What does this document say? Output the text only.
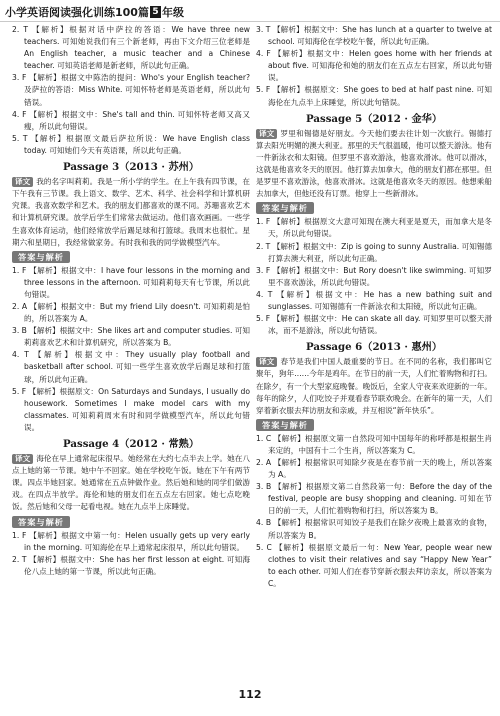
小学英语阅读强化训练100篇 5 年级

2. T 【解析】根据对话中萨拉的答语：We have three new teachers. 可知她说我们有三个新老师，再由下文介绍三位老师是 An English teacher, a music teacher and a Chinese teacher. 可知英语老师是新老师，所以此句正确。

3. F 【解析】根据文中陈浩的提问：Who's your English teacher? 及萨拉的答语：Miss White. 可知怀特老师是英语老师，所以此句错误。

4. F 【解析】根据文中：She's tall and thin. 可知怀特老师又高又瘦，所以此句错误。

5. T 【解析】根据原文最后萨拉所说：We have English class today. 可知她们今天有英语课，所以此句正确。

Passage 3（2013 · 苏州）

译文 我的名字叫莉莉。我是一所小学的学生。在上午我有四节课，在下午我有三节课。我上语文、数学、艺术、科学、社会科学和计算机研究课。我喜欢数学和艺术。我的朋友们都喜欢的课不同。苏珊喜欢艺术和计算机研究课。放学后学生们常常去做运动。他们喜欢画画。一些学生喜欢体育运动，他们经常放学后踢足球和打篮球。我周末也很忙。星期六和星期日，我经常做家务。有时我和我的同学做模型汽车。

答案与解析

1. F 【解析】根据文中：I have four lessons in the morning and three lessons in the afternoon. 可知莉莉每天有七节课，所以此句错误。

2. A 【解析】根据文中：But my friend Lily doesn't. 可知莉莉是怕的，所以答案为 A。

3. B 【解析】根据文中：She likes art and computer studies. 可知莉莉喜欢艺术和计算机研究，所以答案为 B。

4. T 【解析】根据文中：They usually play football and basketball after school. 可知一些学生喜欢放学后踢足球和打篮球，所以此句正确。

5. F 【解析】根据原文：On Saturdays and Sundays, I usually do housework. Sometimes I make model cars with my classmates. 可知莉莉周末有时和同学做模型汽车，所以此句错误。

Passage 4（2012 · 常熟）

译文 海伦在早上通常起床很早。她经常在大约七点半去上学。她在八点上她的第一节课。她中午不回家。她在学校吃午饭。她在下午有两节课。四点半她回家。她通常在五点钟做作业。然后她和她的同学们做游戏。在四点半放学。海伦和她的朋友们在五点左右回家。她七点吃晚饭。然后她和父母一起看电视。她在九点半上床睡觉。

答案与解析

1. F 【解析】根据文中第一句：Helen usually gets up very early in the morning. 可知海伦在早上通常起床很早，所以此句错误。

2. T 【解析】根据文中：She has her first lesson at eight. 可知海伦八点上她的第一节课，所以此句正确。

3. T 【解析】根据文中：She has lunch at a quarter to twelve at school. 可知海伦在学校吃午餐，所以此句正确。

4. F 【解析】根据文中：Helen goes home with her friends at about five. 可知海伦和她的朋友们在五点左右回家，所以此句错误。

5. F 【解析】根据原文：She goes to bed at half past nine. 可知海伦在九点半上床睡觉，所以此句错误。

Passage 5（2012 · 金华）

译文 罗里和锡德是好朋友。今天他们要去往计划一次旅行。锡德打算去阳光明媚的澳大利亚。那里的天气很温暖，他可以整天游泳。他有一件新泳衣和太阳镜。但罗里不喜欢游泳，他喜欢滑冰。他可以滑冰，这就是他喜欢冬天的原因。他打算去加拿大，他的朋友们都在那里。但是罗里不喜欢游泳，他喜欢滑冰。这就是他喜欢冬天的原因。他想乘船去加拿大，但他还没有订票。他穿上一些新滑冰。

答案与解析

1. F 【解析】根据原文大意可知现在澳大利亚是夏天，而加拿大是冬天，所以此句错误。

2. T 【解析】根据文中：Zip is going to sunny Australia. 可知锡德打算去澳大利亚，所以此句正确。

3. F 【解析】根据文中：But Rory doesn't like swimming. 可知罗里不喜欢游泳，所以此句错误。

4. T 【解析】根据文中：He has a new bathing suit and sunglasses. 可知锡德有一件新泳衣和太阳镜，所以此句正确。

5. F 【解析】根据文中：He can skate all day. 可知罗里可以整天滑冰，而不是游泳，所以此句错误。

Passage 6（2013 · 惠州）

译文 春节是我们中国人最重要的节日。在不同的名称，我们都叫它聚年，狗年……今年是鸡年。在节日的前一天，人们忙着购物和打扫。在除夕，有一个大型家庭晚餐。晚饭后，全家人守夜来欢迎新的一年。每年的除夕，人们吃饺子并观看春节联欢晚会。在新年的第一天，人们穿着新衣服去拜访朋友和亲戚，并互相说“新年快乐”。

答案与解析

1. C 【解析】根据原文第一自然段可知中国每年的称呼都是根据生肖来定的，中国有十二个生肖，所以答案为 C。

2. A 【解析】根据常识可知除夕夜是在春节前一天的晚上，所以答案为 A。

3. B 【解析】根据原文第二自然段第一句：Before the day of the festival, people are busy shopping and cleaning. 可知在节日的前一天，人们忙着购物和打扫，所以答案为 B。

4. B 【解析】根据常识可知饺子是我们在除夕夜晚上最喜欢的食物，所以答案为 B。

5. C 【解析】根据原文最后一句：New Year, people wear new clothes to visit their relatives and say “Happy New Year” to each other. 可知人们在春节穿新衣服去拜访亲友，所以答案为 C。

112
